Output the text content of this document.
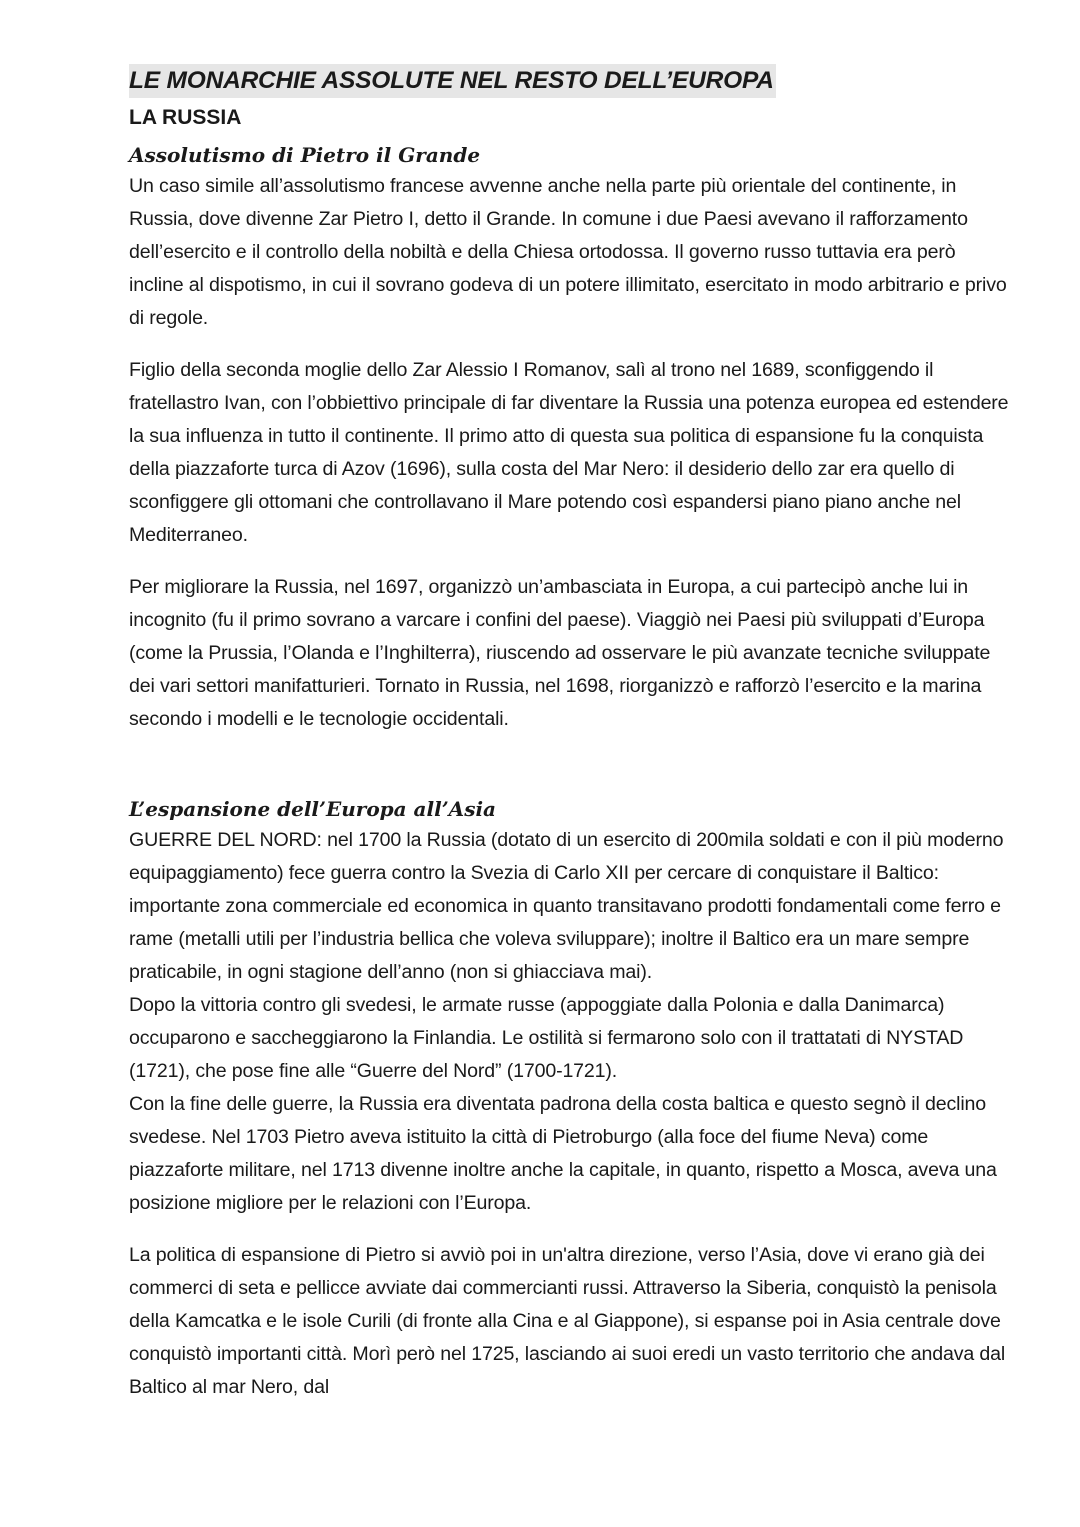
LE MONARCHIE ASSOLUTE NEL RESTO DELL’EUROPA
LA RUSSIA
Assolutismo di Pietro il Grande

Un caso simile all’assolutismo francese avvenne anche nella parte più orientale del continente, in Russia, dove divenne Zar Pietro I, detto il Grande. In comune i due Paesi avevano il rafforzamento dell’esercito e il controllo della nobiltà e della Chiesa ortodossa. Il governo russo tuttavia era però incline al dispotismo, in cui il sovrano godeva di un potere illimitato, esercitato in modo arbitrario e privo di regole.

Figlio della seconda moglie dello Zar Alessio I Romanov, salì al trono nel 1689, sconfiggendo il fratellastro Ivan, con l’obbiettivo principale di far diventare la Russia una potenza europea ed estendere la sua influenza in tutto il continente. Il primo atto di questa sua politica di espansione fu la conquista della piazzaforte turca di Azov (1696), sulla costa del Mar Nero: il desiderio dello zar era quello di sconfiggere gli ottomani che controllavano il Mare potendo così espandersi piano piano anche nel Mediterraneo.

Per migliorare la Russia, nel 1697, organizzò un’ambasciata in Europa, a cui partecipò anche lui in incognito (fu il primo sovrano a varcare i confini del paese). Viaggiò nei Paesi più sviluppati d’Europa (come la Prussia, l’Olanda e l’Inghilterra), riuscendo ad osservare le più avanzate tecniche sviluppate dei vari settori manifatturieri. Tornato in Russia, nel 1698, riorganizzò e rafforzò l’esercito e la marina secondo i modelli e le tecnologie occidentali.

L’espansione dell’Europa all’Asia

GUERRE DEL NORD: nel 1700 la Russia (dotato di un esercito di 200mila soldati e con il più moderno equipaggiamento) fece guerra contro la Svezia di Carlo XII per cercare di conquistare il Baltico: importante zona commerciale ed economica in quanto transitavano prodotti fondamentali come ferro e rame (metalli utili per l’industria bellica che voleva sviluppare); inoltre il Baltico era un mare sempre praticabile, in ogni stagione dell’anno (non si ghiacciava mai).

Dopo la vittoria contro gli svedesi, le armate russe (appoggiate dalla Polonia e dalla Danimarca) occuparono e saccheggiarono la Finlandia. Le ostilità si fermarono solo con il trattatati di NYSTAD (1721), che pose fine alle “Guerre del Nord” (1700-1721).

Con la fine delle guerre, la Russia era diventata padrona della costa baltica e questo segnò il declino svedese. Nel 1703 Pietro aveva istituito la città di Pietroburgo (alla foce del fiume Neva) come piazzaforte militare, nel 1713 divenne inoltre anche la capitale, in quanto, rispetto a Mosca, aveva una posizione migliore per le relazioni con l’Europa.

La politica di espansione di Pietro si avviò poi in un'altra direzione, verso l’Asia, dove vi erano già dei commerci di seta e pellicce avviate dai commercianti russi. Attraverso la Siberia, conquistò la penisola della Kamcatka e le isole Curili (di fronte alla Cina e al Giappone), si espanse poi in Asia centrale dove conquistò importanti città. Morì però nel 1725, lasciando ai suoi eredi un vasto territorio che andava dal Baltico al mar Nero, dal
